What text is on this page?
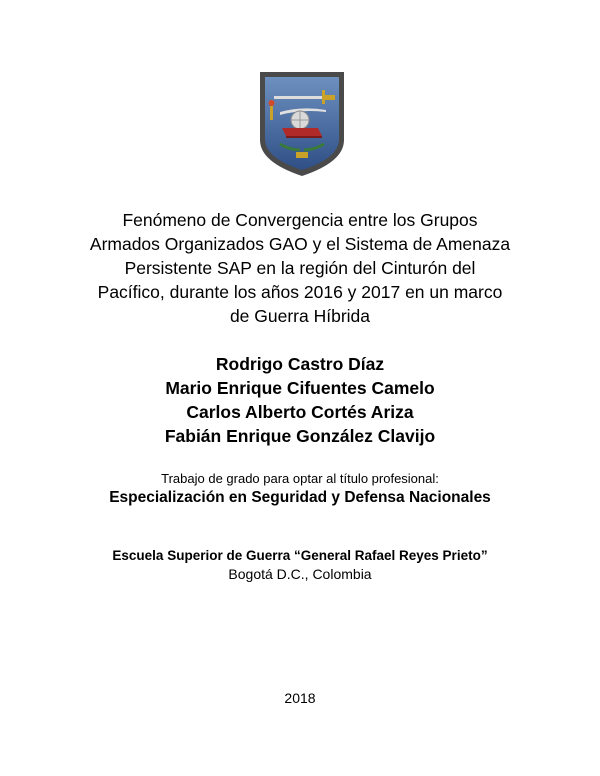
Fenómeno de Convergencia entre los Grupos
Armados Organizados GAO y el Sistema de Amenaza
Persistente SAP en la región del Cinturón del
Pacífico, durante los años 2016 y 2017 en un marco
de Guerra Híbrida
Rodrigo Castro Díaz
Mario Enrique Cifuentes Camelo
Carlos Alberto Cortés Ariza
Fabián Enrique González Clavijo
Trabajo de grado para optar al título profesional:
Especialización en Seguridad y Defensa Nacionales
Escuela Superior de Guerra “General Rafael Reyes Prieto”
Bogotá D.C., Colombia
2018
